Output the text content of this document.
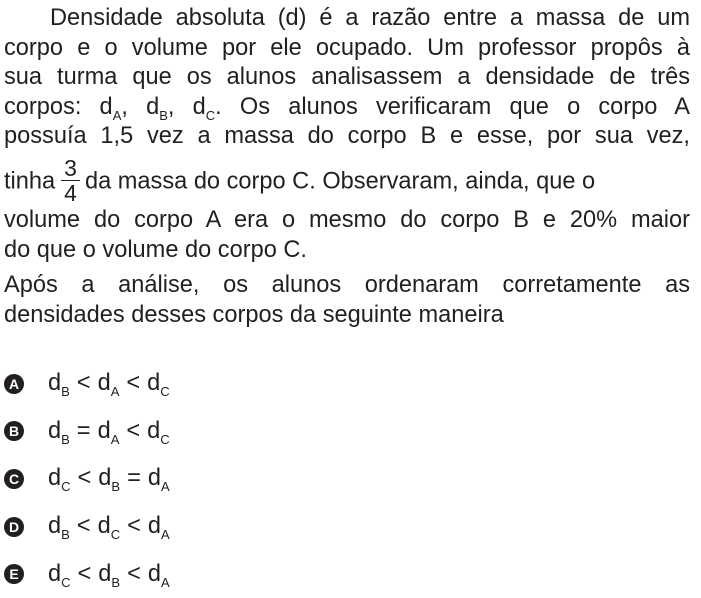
Densidade absoluta (d) é a razão entre a massa de um
corpo e o volume por ele ocupado. Um professor propôs à
sua turma que os alunos analisassem a densidade de três
corpos: $d_A$, $d_B$, $d_C$. Os alunos verificaram que o corpo A
possuía 1,5 vez a massa do corpo B e esse, por sua vez,
tinha $\frac{3}{4}$ da massa do corpo C. Observaram, ainda, que o
volume do corpo A era o mesmo do corpo B e 20% maior
do que o volume do corpo C.

Após a análise, os alunos ordenaram corretamente as
densidades desses corpos da seguinte maneira

A $d_B < d_A < d_C$
B $d_B = d_A < d_C$
C $d_C < d_B = d_A$
D $d_B < d_C < d_A$
E $d_C < d_B < d_A$
